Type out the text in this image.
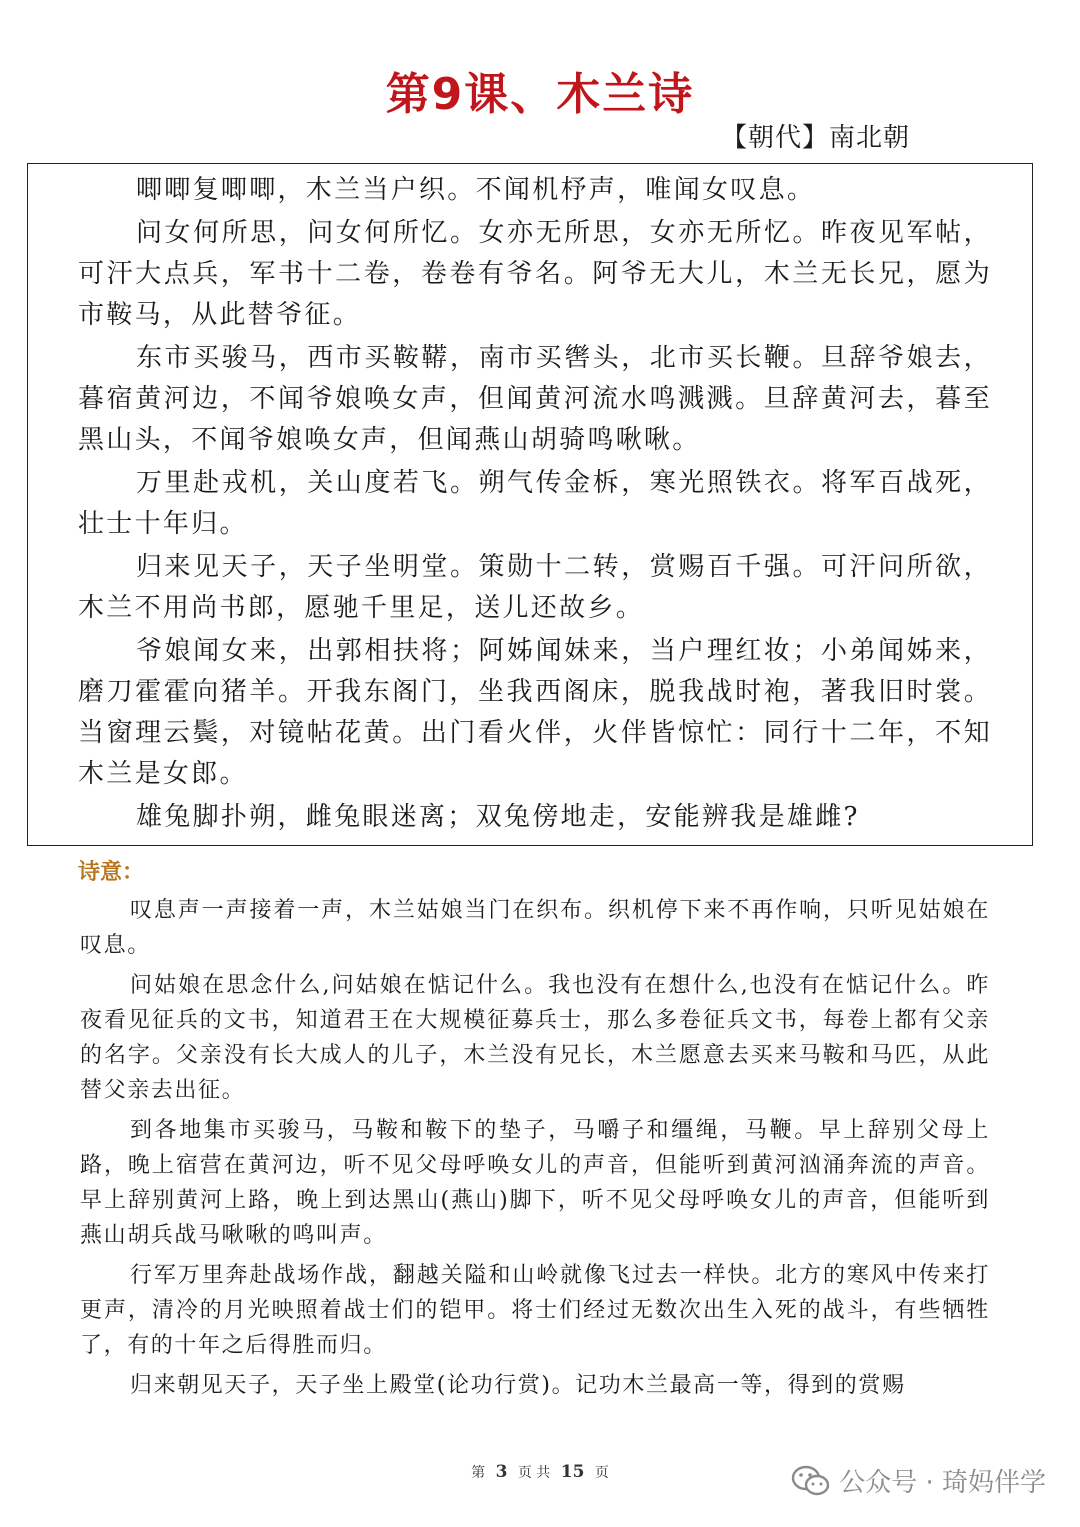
第9课、木兰诗
【朝代】南北朝

唧唧复唧唧，木兰当户织。不闻机杼声，唯闻女叹息。

问女何所思，问女何所忆。女亦无所思，女亦无所忆。昨夜见军帖，可汗大点兵，军书十二卷，卷卷有爷名。阿爷无大儿，木兰无长兄，愿为市鞍马，从此替爷征。

东市买骏马，西市买鞍鞯，南市买辔头，北市买长鞭。旦辞爷娘去，暮宿黄河边，不闻爷娘唤女声，但闻黄河流水鸣溅溅。旦辞黄河去，暮至黑山头，不闻爷娘唤女声，但闻燕山胡骑鸣啾啾。

万里赴戎机，关山度若飞。朔气传金柝，寒光照铁衣。将军百战死，壮士十年归。

归来见天子，天子坐明堂。策勋十二转，赏赐百千强。可汗问所欲，木兰不用尚书郎，愿驰千里足，送儿还故乡。

爷娘闻女来，出郭相扶将；阿姊闻妹来，当户理红妆；小弟闻姊来，磨刀霍霍向猪羊。开我东阁门，坐我西阁床，脱我战时袍，著我旧时裳。当窗理云鬓，对镜帖花黄。出门看火伴，火伴皆惊忙：同行十二年，不知木兰是女郎。

雄兔脚扑朔，雌兔眼迷离；双兔傍地走，安能辨我是雄雌?

诗意：

叹息声一声接着一声，木兰姑娘当门在织布。织机停下来不再作响，只听见姑娘在叹息。

问姑娘在思念什么,问姑娘在惦记什么。我也没有在想什么,也没有在惦记什么。昨夜看见征兵的文书，知道君王在大规模征募兵士，那么多卷征兵文书，每卷上都有父亲的名字。父亲没有长大成人的儿子，木兰没有兄长，木兰愿意去买来马鞍和马匹，从此替父亲去出征。

到各地集市买骏马，马鞍和鞍下的垫子，马嚼子和缰绳，马鞭。早上辞别父母上路，晚上宿营在黄河边，听不见父母呼唤女儿的声音，但能听到黄河汹涌奔流的声音。早上辞别黄河上路，晚上到达黑山(燕山)脚下，听不见父母呼唤女儿的声音，但能听到燕山胡兵战马啾啾的鸣叫声。

行军万里奔赴战场作战，翻越关隘和山岭就像飞过去一样快。北方的寒风中传来打更声，清冷的月光映照着战士们的铠甲。将士们经过无数次出生入死的战斗，有些牺牲了，有的十年之后得胜而归。

归来朝见天子，天子坐上殿堂(论功行赏)。记功木兰最高一等，得到的赏赐

第 3 页 共 15 页	公众号 · 琦妈伴学
